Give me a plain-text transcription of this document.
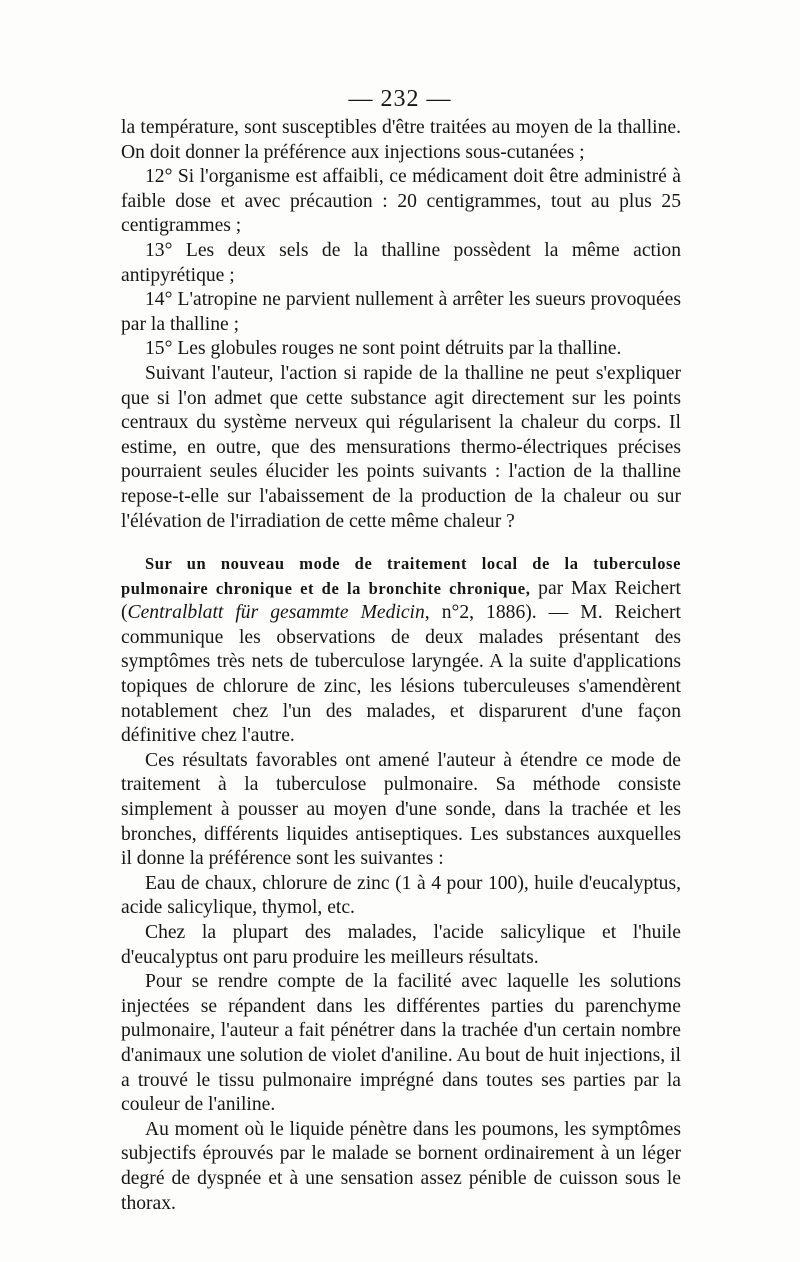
— 232 —

la température, sont susceptibles d'être traitées au moyen de la thalline. On doit donner la préférence aux injections sous-cutanées ;

12° Si l'organisme est affaibli, ce médicament doit être administré à faible dose et avec précaution : 20 centigrammes, tout au plus 25 centigrammes ;

13° Les deux sels de la thalline possèdent la même action antipyrétique ;

14° L'atropine ne parvient nullement à arrêter les sueurs provoquées par la thalline ;

15° Les globules rouges ne sont point détruits par la thalline.

Suivant l'auteur, l'action si rapide de la thalline ne peut s'expliquer que si l'on admet que cette substance agit directement sur les points centraux du système nerveux qui régularisent la chaleur du corps. Il estime, en outre, que des mensurations thermo-électriques précises pourraient seules élucider les points suivants : l'action de la thalline repose-t-elle sur l'abaissement de la production de la chaleur ou sur l'élévation de l'irradiation de cette même chaleur ?

Sur un nouveau mode de traitement local de la tuberculose pulmonaire chronique et de la bronchite chronique, par Max Reichert (Centralblatt für gesammte Medicin, n°2, 1886). — M. Reichert communique les observations de deux malades présentant des symptômes très nets de tuberculose laryngée. A la suite d'applications topiques de chlorure de zinc, les lésions tuberculeuses s'amendèrent notablement chez l'un des malades, et disparurent d'une façon définitive chez l'autre.

Ces résultats favorables ont amené l'auteur à étendre ce mode de traitement à la tuberculose pulmonaire. Sa méthode consiste simplement à pousser au moyen d'une sonde, dans la trachée et les bronches, différents liquides antiseptiques. Les substances auxquelles il donne la préférence sont les suivantes :

Eau de chaux, chlorure de zinc (1 à 4 pour 100), huile d'eucalyptus, acide salicylique, thymol, etc.

Chez la plupart des malades, l'acide salicylique et l'huile d'eucalyptus ont paru produire les meilleurs résultats.

Pour se rendre compte de la facilité avec laquelle les solutions injectées se répandent dans les différentes parties du parenchyme pulmonaire, l'auteur a fait pénétrer dans la trachée d'un certain nombre d'animaux une solution de violet d'aniline. Au bout de huit injections, il a trouvé le tissu pulmonaire imprégné dans toutes ses parties par la couleur de l'aniline.

Au moment où le liquide pénètre dans les poumons, les symptômes subjectifs éprouvés par le malade se bornent ordinairement à un léger degré de dyspnée et à une sensation assez pénible de cuisson sous le thorax.
